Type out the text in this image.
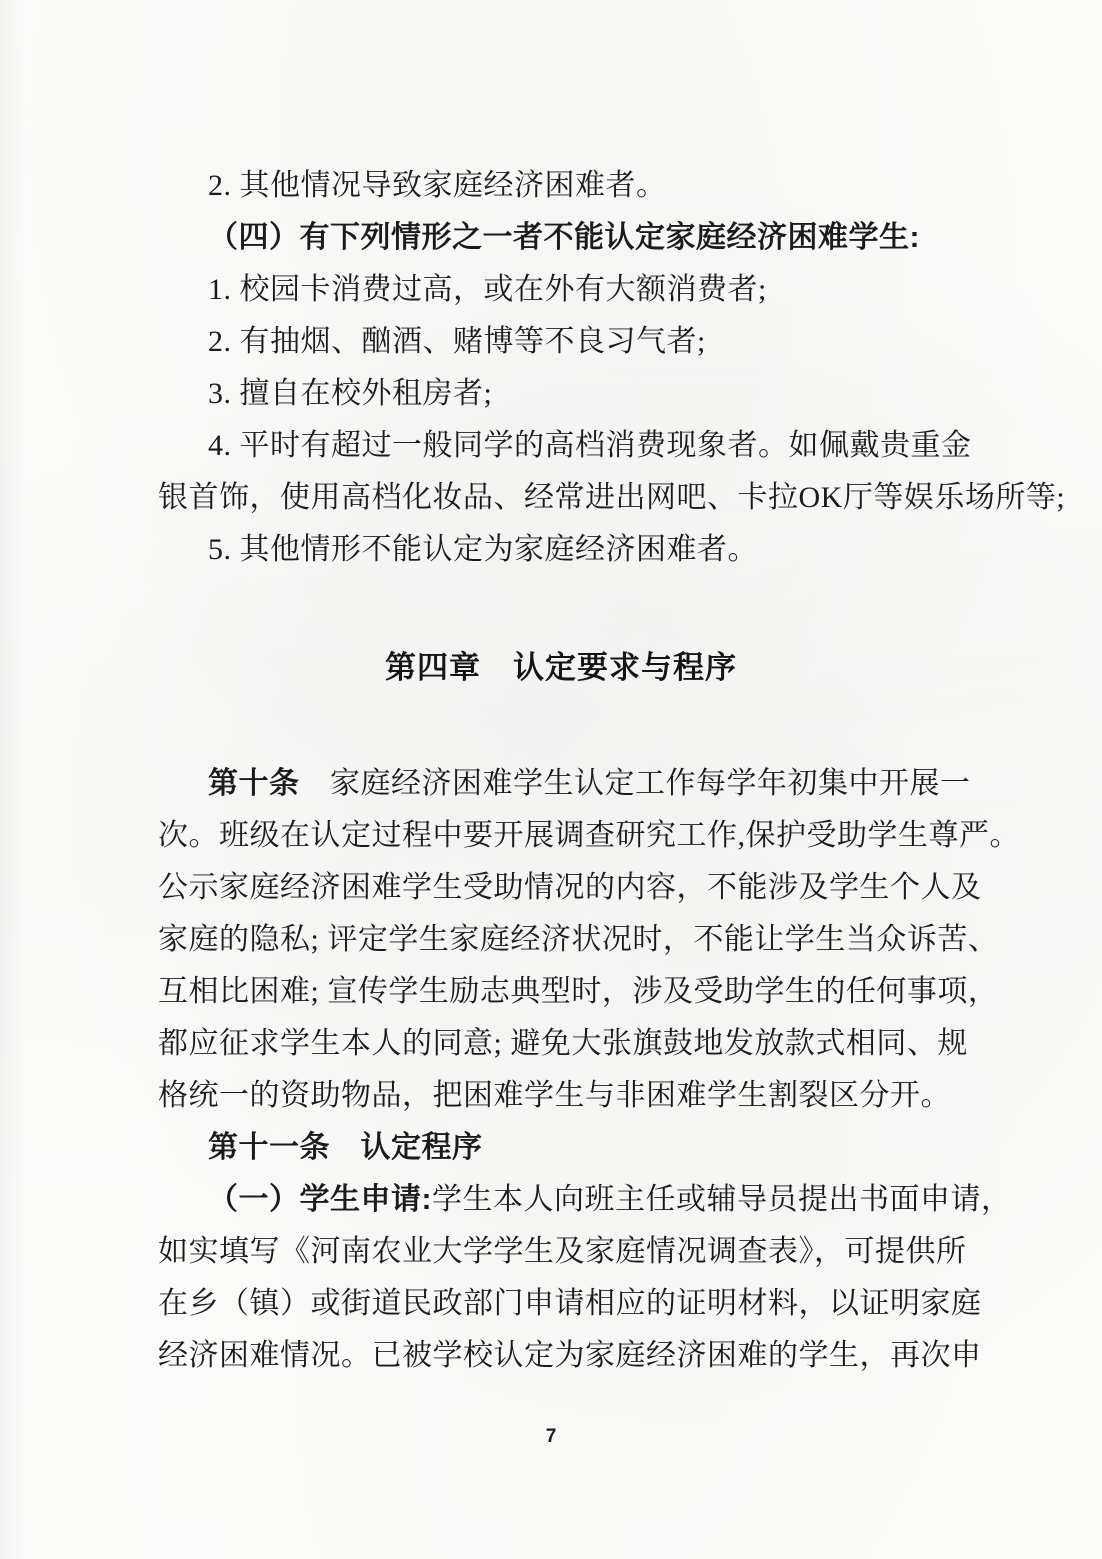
2. 其他情况导致家庭经济困难者。
（四）有下列情形之一者不能认定家庭经济困难学生:
1. 校园卡消费过高，或在外有大额消费者;
2. 有抽烟、酗酒、赌博等不良习气者;
3. 擅自在校外租房者;
4. 平时有超过一般同学的高档消费现象者。如佩戴贵重金
银首饰，使用高档化妆品、经常进出网吧、卡拉OK厅等娱乐场所等;
5. 其他情形不能认定为家庭经济困难者。
第四章　认定要求与程序
第十条　家庭经济困难学生认定工作每学年初集中开展一
次。班级在认定过程中要开展调查研究工作,保护受助学生尊严。
公示家庭经济困难学生受助情况的内容，不能涉及学生个人及
家庭的隐私; 评定学生家庭经济状况时，不能让学生当众诉苦、
互相比困难; 宣传学生励志典型时，涉及受助学生的任何事项，
都应征求学生本人的同意; 避免大张旗鼓地发放款式相同、规
格统一的资助物品，把困难学生与非困难学生割裂区分开。
第十一条　认定程序
（一）学生申请:学生本人向班主任或辅导员提出书面申请，
如实填写《河南农业大学学生及家庭情况调查表》，可提供所
在乡（镇）或街道民政部门申请相应的证明材料，以证明家庭
经济困难情况。已被学校认定为家庭经济困难的学生，再次申
7
